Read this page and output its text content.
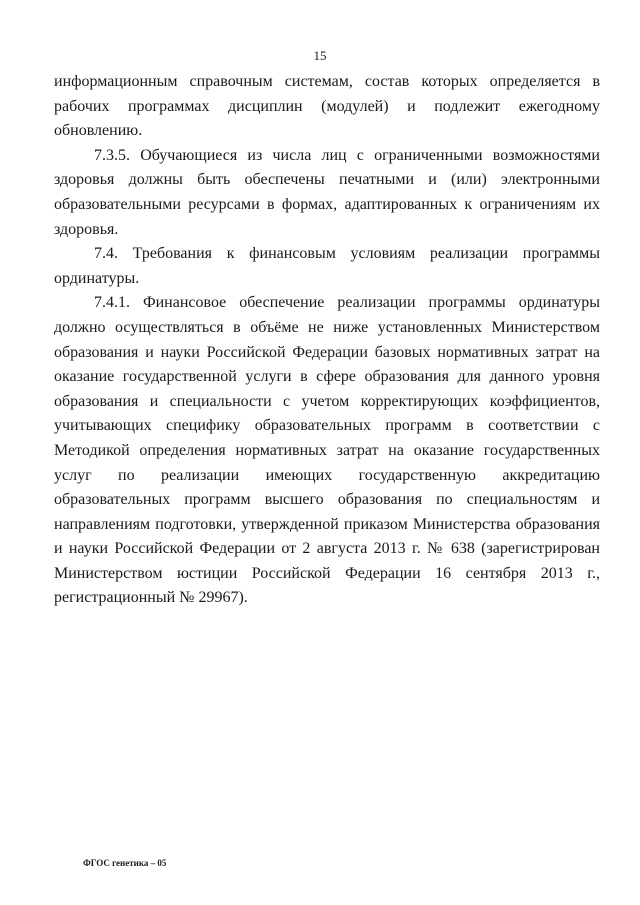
15

информационным справочным системам, состав которых определяется в рабочих программах дисциплин (модулей) и подлежит ежегодному обновлению.

7.3.5. Обучающиеся из числа лиц с ограниченными возможностями здоровья должны быть обеспечены печатными и (или) электронными образовательными ресурсами в формах, адаптированных к ограничениям их здоровья.

7.4. Требования к финансовым условиям реализации программы ординатуры.

7.4.1. Финансовое обеспечение реализации программы ординатуры должно осуществляться в объёме не ниже установленных Министерством образования и науки Российской Федерации базовых нормативных затрат на оказание государственной услуги в сфере образования для данного уровня образования и специальности с учетом корректирующих коэффициентов, учитывающих специфику образовательных программ в соответствии с Методикой определения нормативных затрат на оказание государственных услуг по реализации имеющих государственную аккредитацию образовательных программ высшего образования по специальностям и направлениям подготовки, утвержденной приказом Министерства образования и науки Российской Федерации от 2 августа 2013 г. № 638 (зарегистрирован Министерством юстиции Российской Федерации 16 сентября 2013 г., регистрационный № 29967).

ФГОС генетика – 05
